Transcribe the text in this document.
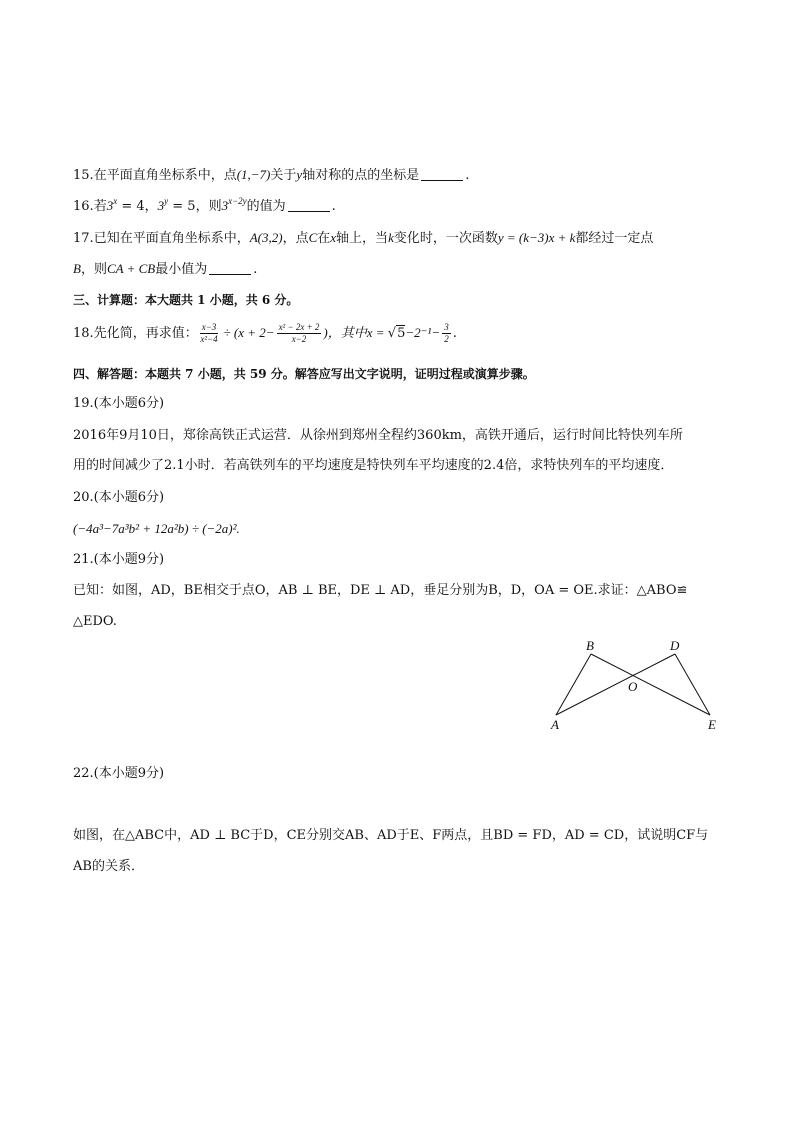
15.在平面直角坐标系中，点(1,−7)关于y轴对称的点的坐标是	.
16.若$3^x = 4$，$3^y = 5$，则$3^{x-2y}$的值为	.
17.已知在平面直角坐标系中，A(3,2)，点C在x轴上，当k变化时，一次函数y = (k−3)x + k都经过一定点
B，则CA + CB最小值为	.
三、计算题：本大题共 1 小题，共 6 分。
18.先化简，再求值： $\frac{x-3}{\text{x²−4}} \div (x + 2- \frac{\text{x² − 2x + 2}}{x-2}$ )，其中$x = √5-2^{-1}- \frac{3}{2}$ .
四、解答题：本题共 7 小题，共 59 分。解答应写出文字说明，证明过程或演算步骤。
19.(本小题6分)
2016年9月10日，郑徐高铁正式运营．从徐州到郑州全程约360km，高铁开通后，运行时间比特快列车所
用的时间减少了2.1小时．若高铁列车的平均速度是特快列车平均速度的2.4倍，求特快列车的平均速度．
20.(本小题6分)
(−4a³−7a³b² + 12a²b) ÷ (−2a)².
21.(本小题9分)
已知：如图，AD，BE相交于点O，AB ⊥ BE，DE ⊥ AD，垂足分别为B，D，OA = OE.求证：△ABO≌
△EDO.
B	D
O
A	E
22.(本小题9分)
如图，在△ABC中，AD ⊥ BC于D，CE分别交AB、AD于E、F两点，且BD = FD，AD = CD，试说明CF与
AB的关系．
